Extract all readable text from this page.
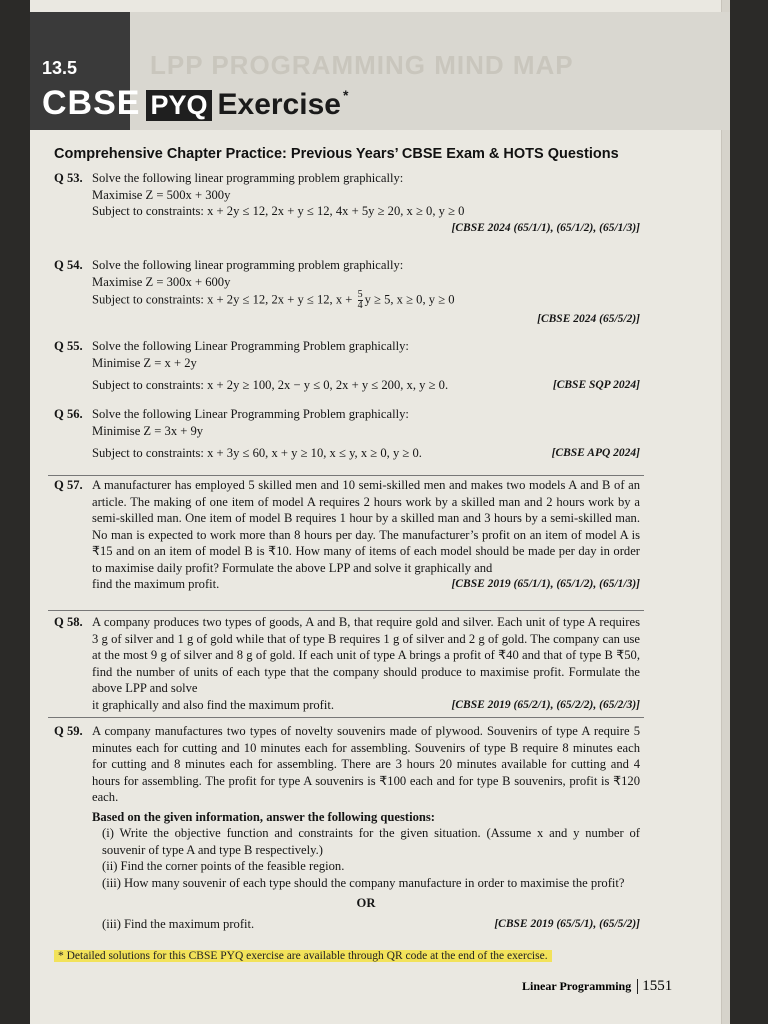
LPP PROGRAMMING MIND MAP
13.5
CBSE PYQ Exercise *
Comprehensive Chapter Practice: Previous Years’ CBSE Exam & HOTS Questions
Q 53. Solve the following linear programming problem graphically:
Maximise Z = 500x + 300y
Subject to constraints: x + 2y ≤ 12, 2x + y ≤ 12, 4x + 5y ≥ 20, x ≥ 0, y ≥ 0
[CBSE 2024 (65/1/1), (65/1/2), (65/1/3)]
Q 54. Solve the following linear programming problem graphically:
Maximise Z = 300x + 600y
Subject to constraints: x + 2y ≤ 12, 2x + y ≤ 12, $x + \frac{5}{4}$ y ≥ 5, x ≥ 0, y ≥ 0
[CBSE 2024 (65/5/2)]
Q 55. Solve the following Linear Programming Problem graphically:
Minimise Z = x + 2y
Subject to constraints: x + 2y ≥ 100, 2x − y ≤ 0, 2x + y ≤ 200, x, y ≥ 0.	[CBSE SQP 2024]
Q 56. Solve the following Linear Programming Problem graphically:
Minimise Z = 3x + 9y
Subject to constraints: x + 3y ≤ 60, x + y ≥ 10, x ≤ y, x ≥ 0, y ≥ 0.	[CBSE APQ 2024]
Q 57. A manufacturer has employed 5 skilled men and 10 semi-skilled men and makes two models A and B of an article. The making of one item of model A requires 2 hours work by a skilled man and 2 hours work by a semi-skilled man. One item of model B requires 1 hour by a skilled man and 3 hours by a semi-skilled man. No man is expected to work more than 8 hours per day. The manufacturer’s profit on an item of model A is ₹15 and on an item of model B is ₹10. How many of items of each model should be made per day in order to maximise daily profit? Formulate the above LPP and solve it graphically and
find the maximum profit.	[CBSE 2019 (65/1/1), (65/1/2), (65/1/3)]
Q 58. A company produces two types of goods, A and B, that require gold and silver. Each unit of type A requires 3 g of silver and 1 g of gold while that of type B requires 1 g of silver and 2 g of gold. The company can use at the most 9 g of silver and 8 g of gold. If each unit of type A brings a profit of ₹40 and that of type B ₹50, find the number of units of each type that the company should produce to maximise profit. Formulate the above LPP and solve
it graphically and also find the maximum profit.	[CBSE 2019 (65/2/1), (65/2/2), (65/2/3)]
Q 59. A company manufactures two types of novelty souvenirs made of plywood. Souvenirs of type A require 5 minutes each for cutting and 10 minutes each for assembling. Souvenirs of type B require 8 minutes each for cutting and 8 minutes each for assembling. There are 3 hours 20 minutes available for cutting and 4 hours for assembling. The profit for type A souvenirs is ₹100 each and for type B souvenirs, profit is ₹120 each.
Based on the given information, answer the following questions:
(i) Write the objective function and constraints for the given situation. (Assume x and y number of souvenir of type A and type B respectively.)
(ii) Find the corner points of the feasible region.
(iii) How many souvenir of each type should the company manufacture in order to maximise the profit?
OR
(iii) Find the maximum profit.	[CBSE 2019 (65/5/1), (65/5/2)]
* Detailed solutions for this CBSE PYQ exercise are available through QR code at the end of the exercise.
Linear Programming 1551
